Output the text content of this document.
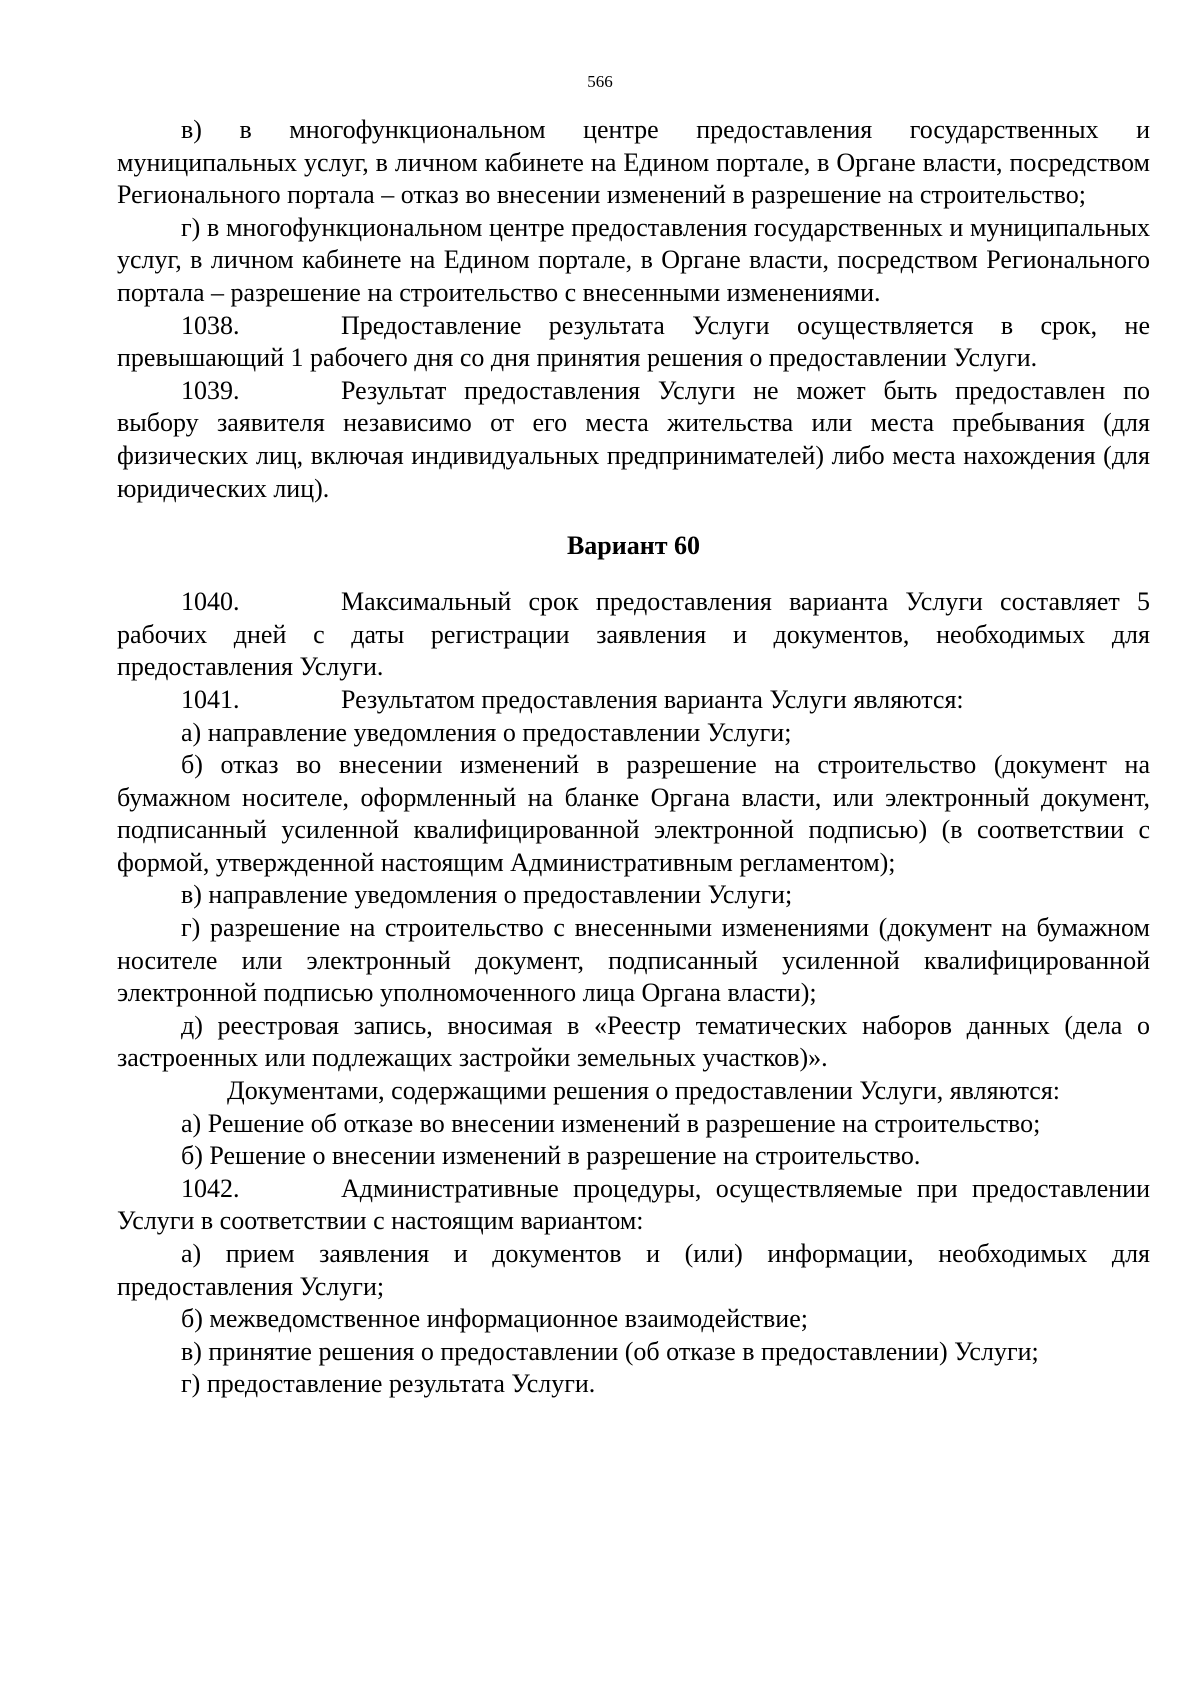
566

в) в многофункциональном центре предоставления государственных и муниципальных услуг, в личном кабинете на Едином портале, в Органе власти, посредством Регионального портала – отказ во внесении изменений в разрешение на строительство;

г) в многофункциональном центре предоставления государственных и муниципальных услуг, в личном кабинете на Едином портале, в Органе власти, посредством Регионального портала – разрешение на строительство с внесенными изменениями.

1038.	Предоставление результата Услуги осуществляется в срок, не превышающий 1 рабочего дня со дня принятия решения о предоставлении Услуги.

1039.	Результат предоставления Услуги не может быть предоставлен по выбору заявителя независимо от его места жительства или места пребывания (для физических лиц, включая индивидуальных предпринимателей) либо места нахождения (для юридических лиц).

Вариант 60

1040.	Максимальный срок предоставления варианта Услуги составляет 5 рабочих дней с даты регистрации заявления и документов, необходимых для предоставления Услуги.

1041.	Результатом предоставления варианта Услуги являются:

а) направление уведомления о предоставлении Услуги;

б) отказ во внесении изменений в разрешение на строительство (документ на бумажном носителе, оформленный на бланке Органа власти, или электронный документ, подписанный усиленной квалифицированной электронной подписью) (в соответствии с формой, утвержденной настоящим Административным регламентом);

в) направление уведомления о предоставлении Услуги;

г) разрешение на строительство с внесенными изменениями (документ на бумажном носителе или электронный документ, подписанный усиленной квалифицированной электронной подписью уполномоченного лица Органа власти);

д) реестровая запись, вносимая в «Реестр тематических наборов данных (дела о застроенных или подлежащих застройки земельных участков)».

Документами, содержащими решения о предоставлении Услуги, являются:

а) Решение об отказе во внесении изменений в разрешение на строительство;

б) Решение о внесении изменений в разрешение на строительство.

1042.	Административные процедуры, осуществляемые при предоставлении Услуги в соответствии с настоящим вариантом:

а) прием заявления и документов и (или) информации, необходимых для предоставления Услуги;

б) межведомственное информационное взаимодействие;

в) принятие решения о предоставлении (об отказе в предоставлении) Услуги;

г) предоставление результата Услуги.
